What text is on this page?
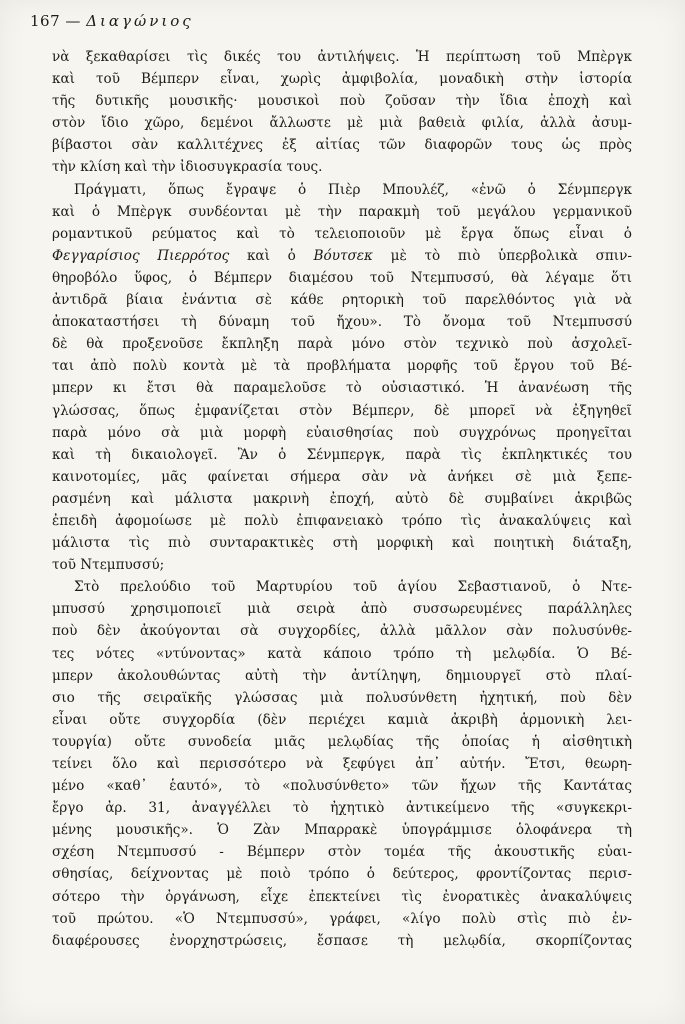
167 — Διαγώνιος
νὰ ξεκαθαρίσει τὶς δικές του ἀντιλήψεις. Ἡ περίπτωση τοῦ Μπὲργκ
καὶ τοῦ Βέμπερν εἶναι, χωρὶς ἀμφιβολία, μοναδικὴ στὴν ἱστορία
τῆς δυτικῆς μουσικῆς· μουσικοὶ ποὺ ζοῦσαν τὴν ἴδια ἐποχὴ καὶ
στὸν ἴδιο χῶρο, δεμένοι ἄλλωστε μὲ μιὰ βαθειὰ φιλία, ἀλλὰ ἀσυμ-
βίβαστοι σὰν καλλιτέχνες ἐξ αἰτίας τῶν διαφορῶν τους ὡς πρὸς
τὴν κλίση καὶ τὴν ἰδιοσυγκρασία τους.
Πράγματι, ὅπως ἔγραψε ὁ Πιὲρ Μπουλέζ, «ἐνῶ ὁ Σένμπεργκ
καὶ ὁ Μπὲργκ συνδέονται μὲ τὴν παρακμὴ τοῦ μεγάλου γερμανικοῦ
ρομαντικοῦ ρεύματος καὶ τὸ τελειοποιοῦν μὲ ἔργα ὅπως εἶναι ὁ
Φεγγαρίσιος Πιερρότος καὶ ὁ Βόυτσεκ μὲ τὸ πιὸ ὑπερβολικὰ σπιν-
θηροβόλο ὕφος, ὁ Βέμπερν διαμέσου τοῦ Ντεμπυσσύ, θὰ λέγαμε ὅτι
ἀντιδρᾶ βίαια ἐνάντια σὲ κάθε ρητορικὴ τοῦ παρελθόντος γιὰ νὰ
ἀποκαταστήσει τὴ δύναμη τοῦ ἤχου». Τὸ ὄνομα τοῦ Ντεμπυσσύ
δὲ θὰ προξενοῦσε ἔκπληξη παρὰ μόνο στὸν τεχνικὸ ποὺ ἀσχολεῖ-
ται ἀπὸ πολὺ κοντὰ μὲ τὰ προβλήματα μορφῆς τοῦ ἔργου τοῦ Βέ-
μπερν κι ἔτσι θὰ παραμελοῦσε τὸ οὐσιαστικό. Ἡ ἀνανέωση τῆς
γλώσσας, ὅπως ἐμφανίζεται στὸν Βέμπερν, δὲ μπορεῖ νὰ ἐξηγηθεῖ
παρὰ μόνο σὰ μιὰ μορφὴ εὐαισθησίας ποὺ συγχρόνως προηγεῖται
καὶ τὴ δικαιολογεῖ. Ἂν ὁ Σένμπεργκ, παρὰ τὶς ἐκπληκτικές του
καινοτομίες, μᾶς φαίνεται σήμερα σὰν νὰ ἀνήκει σὲ μιὰ ξεπε-
ρασμένη καὶ μάλιστα μακρινὴ ἐποχή, αὐτὸ δὲ συμβαίνει ἀκριβῶς
ἐπειδὴ ἀφομοίωσε μὲ πολὺ ἐπιφανειακὸ τρόπο τὶς ἀνακαλύψεις καὶ
μάλιστα τὶς πιὸ συνταρακτικὲς στὴ μορφικὴ καὶ ποιητικὴ διάταξη,
τοῦ Ντεμπυσσύ;
Στὸ πρελούδιο τοῦ Μαρτυρίου τοῦ ἁγίου Σεβαστιανοῦ, ὁ Ντε-
μπυσσύ χρησιμοποιεῖ μιὰ σειρὰ ἀπὸ συσσωρευμένες παράλληλες
ποὺ δὲν ἀκούγονται σὰ συγχορδίες, ἀλλὰ μᾶλλον σὰν πολυσύνθε-
τες νότες «ντύνοντας» κατὰ κάποιο τρόπο τὴ μελῳδία. Ὁ Βέ-
μπερν ἀκολουθώντας αὐτὴ τὴν ἀντίληψη, δημιουργεῖ στὸ πλαί-
σιο τῆς σειραϊκῆς γλώσσας μιὰ πολυσύνθετη ἠχητική, ποὺ δὲν
εἶναι οὔτε συγχορδία (δὲν περιέχει καμιὰ ἀκριβὴ ἁρμονικὴ λει-
τουργία) οὔτε συνοδεία μιᾶς μελῳδίας τῆς ὁποίας ἡ αἰσθητικὴ
τείνει ὅλο καὶ περισσότερο νὰ ξεφύγει ἀπ᾽ αὐτήν. Ἔτσι, θεωρη-
μένο «καθ᾽ ἑαυτό», τὸ «πολυσύνθετο» τῶν ἤχων τῆς Καντάτας
ἔργο ἀρ. 31, ἀναγγέλλει τὸ ἠχητικὸ ἀντικείμενο τῆς «συγκεκρι-
μένης μουσικῆς». Ὁ Ζὰν Μπαρρακὲ ὑπογράμμισε ὁλοφάνερα τὴ
σχέση Ντεμπυσσύ - Βέμπερν στὸν τομέα τῆς ἀκουστικῆς εὐαι-
σθησίας, δείχνοντας μὲ ποιὸ τρόπο ὁ δεύτερος, φροντίζοντας περισ-
σότερο τὴν ὀργάνωση, εἶχε ἐπεκτείνει τὶς ἐνορατικὲς ἀνακαλύψεις
τοῦ πρώτου. «Ὁ Ντεμπυσσύ», γράφει, «λίγο πολὺ στὶς πιὸ ἐν-
διαφέρουσες ἐνορχηστρώσεις, ἔσπασε τὴ μελῳδία, σκορπίζοντας
